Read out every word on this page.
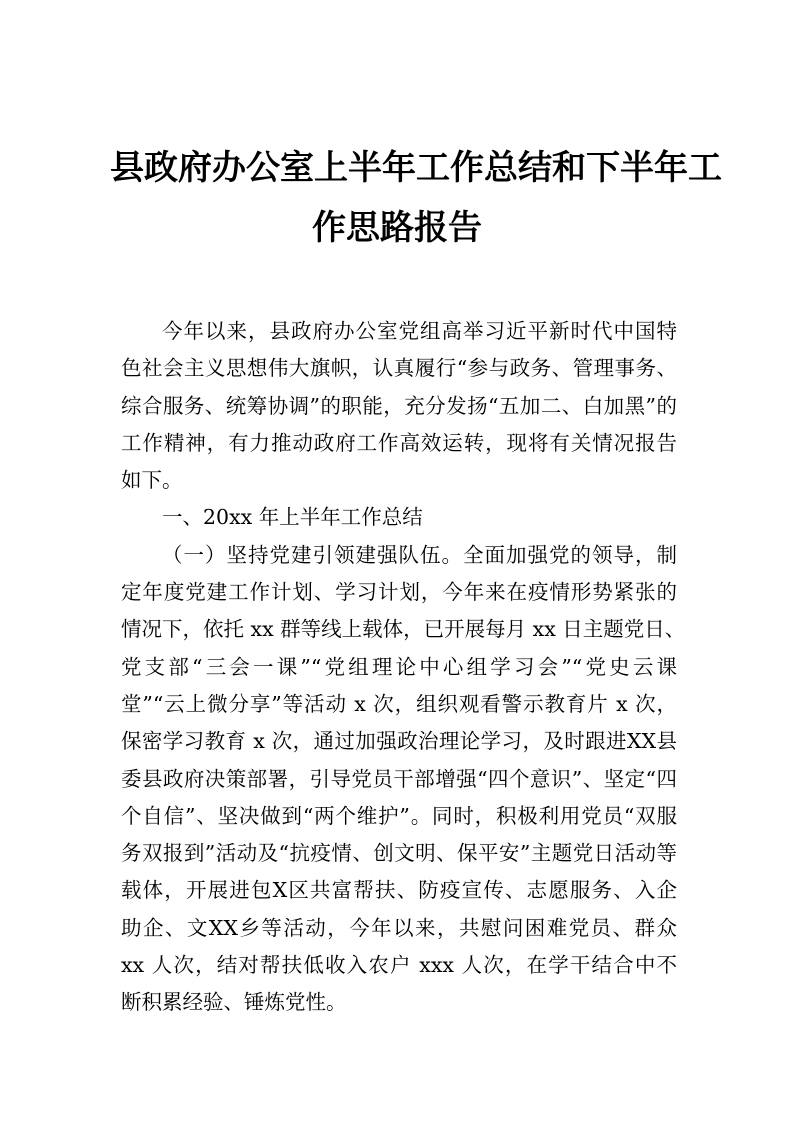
县政府办公室上半年工作总结和下半年工
作思路报告
今年以来，县政府办公室党组高举习近平新时代中国特
色社会主义思想伟大旗帜，认真履行“参与政务、管理事务、
综合服务、统筹协调”的职能，充分发扬“五加二、白加黑”的
工作精神，有力推动政府工作高效运转，现将有关情况报告
如下。
一、20xx 年上半年工作总结
（一）坚持党建引领建强队伍。全面加强党的领导，制
定年度党建工作计划、学习计划，今年来在疫情形势紧张的
情况下，依托 xx 群等线上载体，已开展每月 xx 日主题党日、
党支部“三会一课”“党组理论中心组学习会”“党史云课
堂”“云上微分享”等活动 x 次，组织观看警示教育片 x 次，
保密学习教育 x 次，通过加强政治理论学习，及时跟进XX县
委县政府决策部署，引导党员干部增强“四个意识”、坚定“四
个自信”、坚决做到“两个维护”。同时，积极利用党员“双服
务双报到”活动及“抗疫情、创文明、保平安”主题党日活动等
载体，开展进包X区共富帮扶、防疫宣传、志愿服务、入企
助企、文XX乡等活动，今年以来，共慰问困难党员、群众
xx 人次，结对帮扶低收入农户 xxx 人次，在学干结合中不
断积累经验、锤炼党性。
